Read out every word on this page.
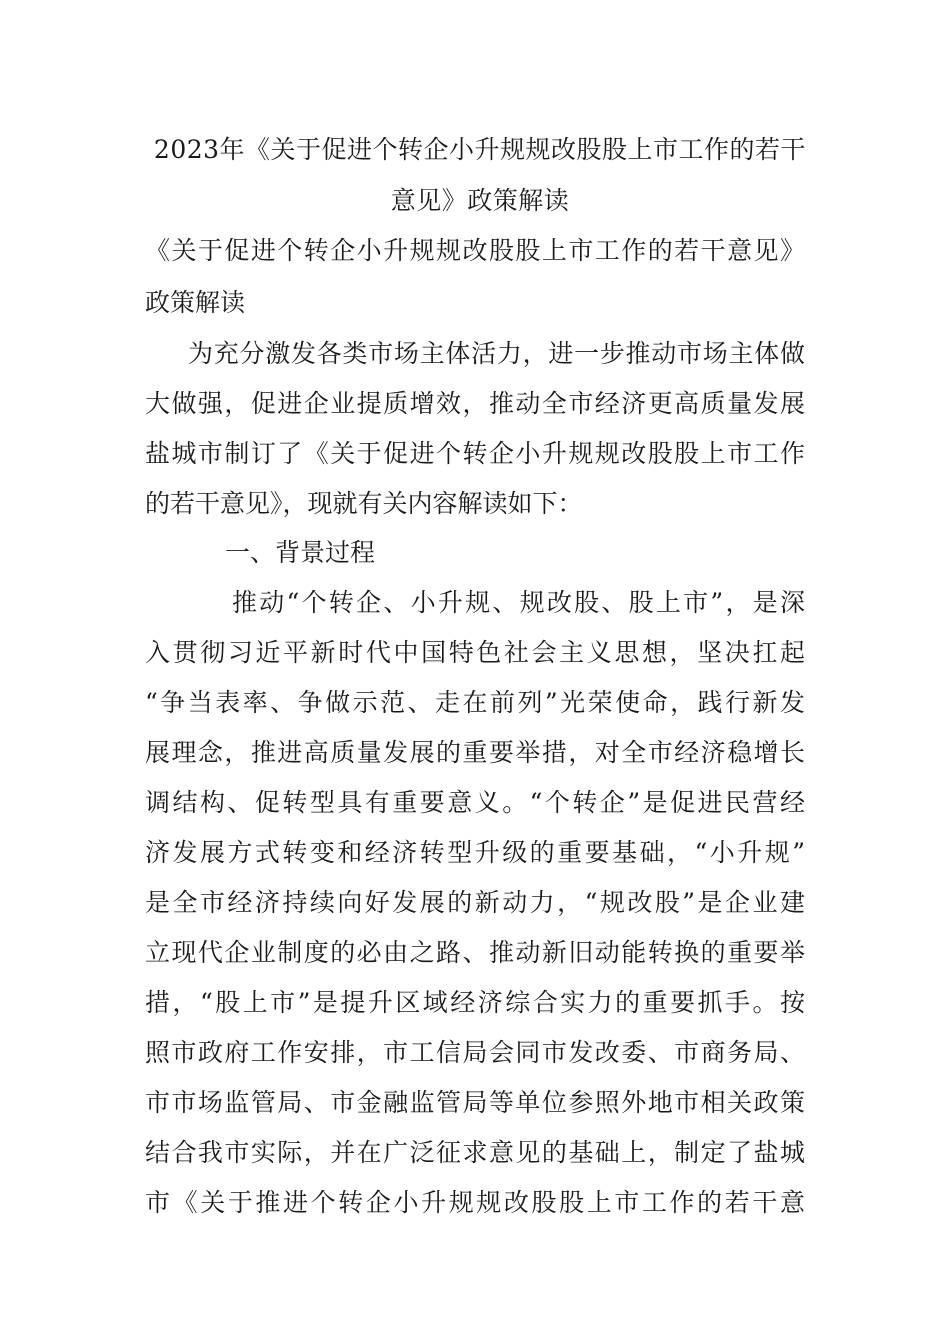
2023年《关于促进个转企小升规规改股股上市工作的若干
意见》政策解读
《关于促进个转企小升规规改股股上市工作的若干意见》
政策解读
为充分激发各类市场主体活力，进一步推动市场主体做
大做强，促进企业提质增效，推动全市经济更高质量发展
盐城市制订了《关于促进个转企小升规规改股股上市工作
的若干意见》，现就有关内容解读如下：
一、背景过程
推动“个转企、小升规、规改股、股上市”，是深
入贯彻习近平新时代中国特色社会主义思想，坚决扛起
“争当表率、争做示范、走在前列”光荣使命，践行新发
展理念，推进高质量发展的重要举措，对全市经济稳增长
调结构、促转型具有重要意义。“个转企”是促进民营经
济发展方式转变和经济转型升级的重要基础，“小升规”
是全市经济持续向好发展的新动力，“规改股”是企业建
立现代企业制度的必由之路、推动新旧动能转换的重要举
措，“股上市”是提升区域经济综合实力的重要抓手。按
照市政府工作安排，市工信局会同市发改委、市商务局、
市市场监管局、市金融监管局等单位参照外地市相关政策
结合我市实际，并在广泛征求意见的基础上，制定了盐城
市《关于推进个转企小升规规改股股上市工作的若干意
